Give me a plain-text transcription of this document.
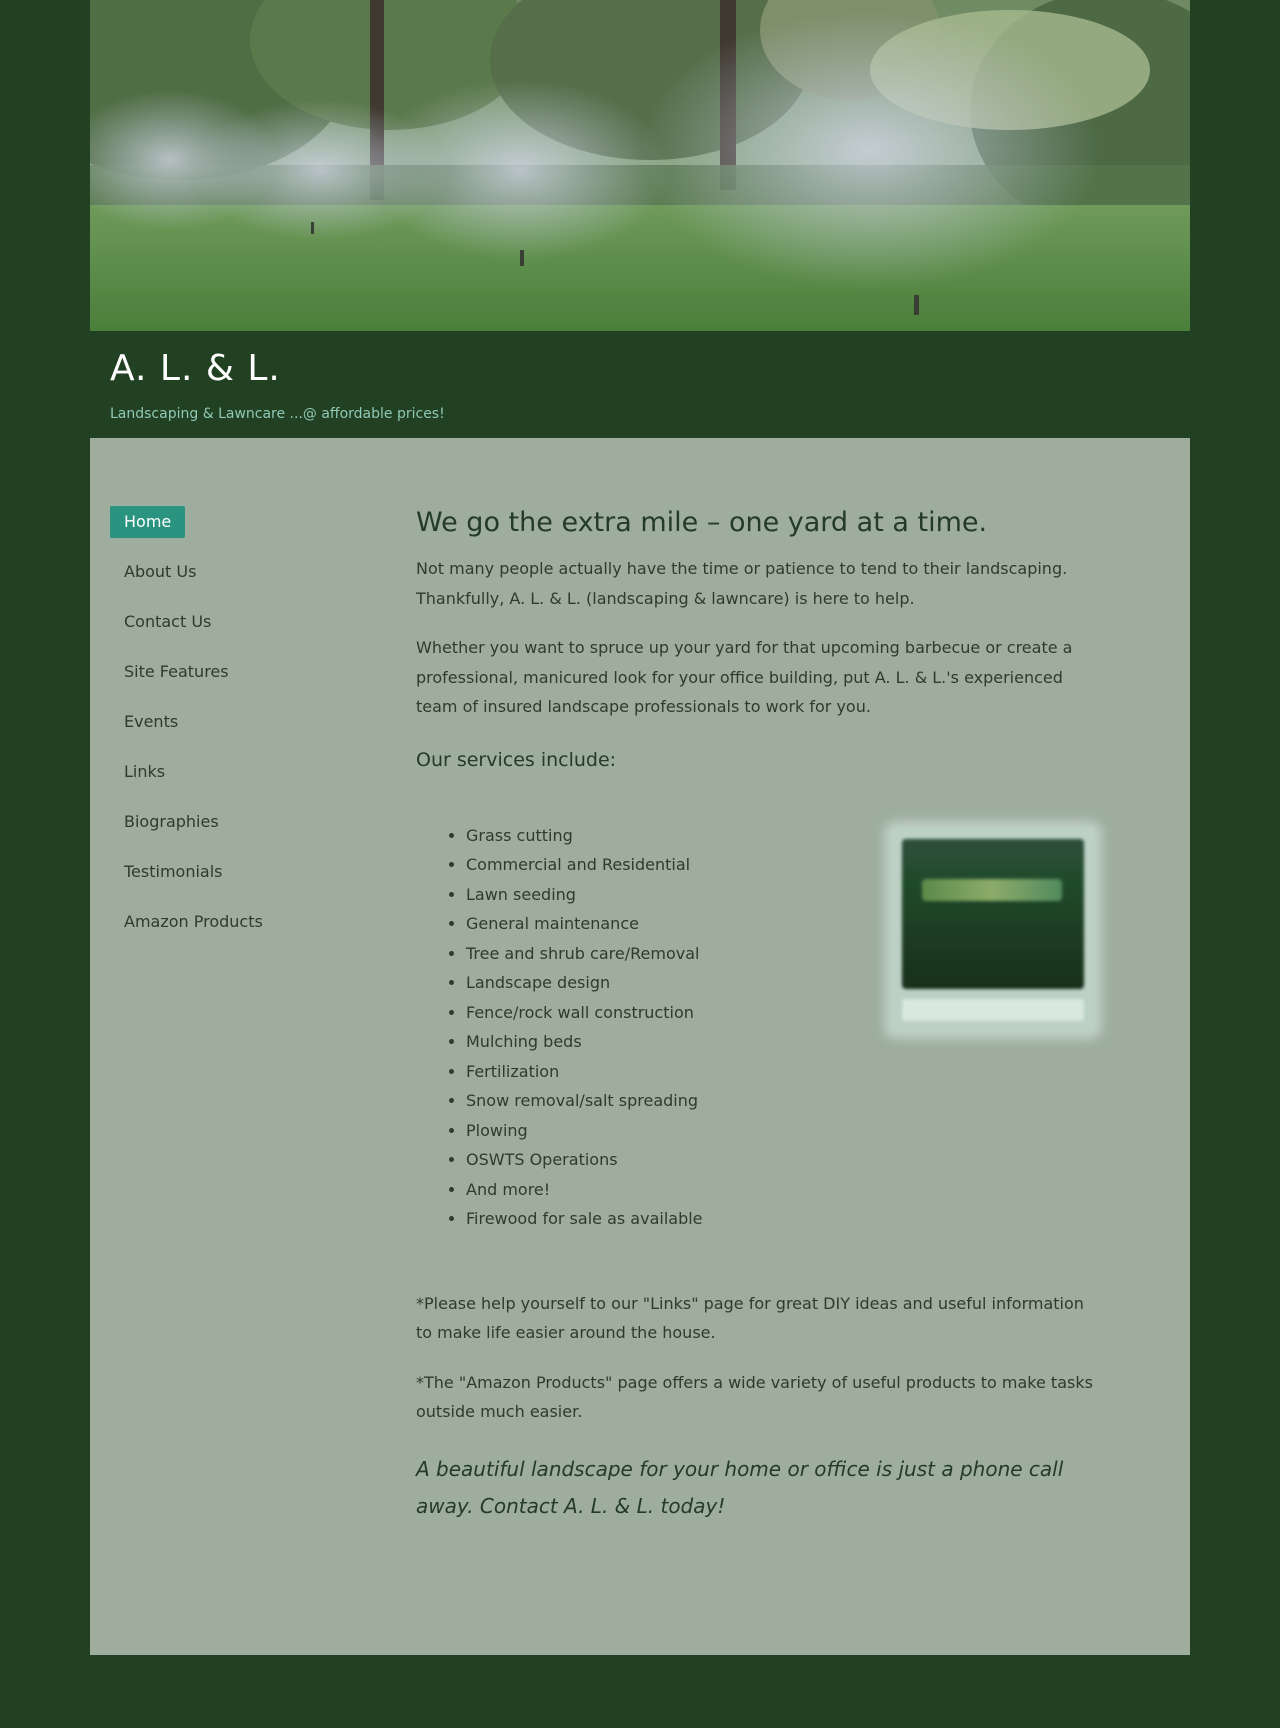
A. L. & L.

Landscaping & Lawncare ...@ affordable prices!

Home
About Us
Contact Us
Site Features
Events
Links
Biographies
Testimonials
Amazon Products
We go the extra mile – one yard at a time.

Not many people actually have the time or patience to tend to their landscaping. Thankfully, A. L. & L. (landscaping & lawncare) is here to help.

Whether you want to spruce up your yard for that upcoming barbecue or create a professional, manicured look for your office building, put A. L. & L.'s experienced team of insured landscape professionals to work for you.

Our services include:
• Grass cutting
• Commercial and Residential
• Lawn seeding
• General maintenance
• Tree and shrub care/Removal
• Landscape design
• Fence/rock wall construction
• Mulching beds
• Fertilization
• Snow removal/salt spreading
• Plowing
• OSWTS Operations
• And more!
• Firewood for sale as available

*Please help yourself to our "Links" page for great DIY ideas and useful information to make life easier around the house.

*The "Amazon Products" page offers a wide variety of useful products to make tasks outside much easier.

A beautiful landscape for your home or office is just a phone call away. Contact A. L. & L. today!
